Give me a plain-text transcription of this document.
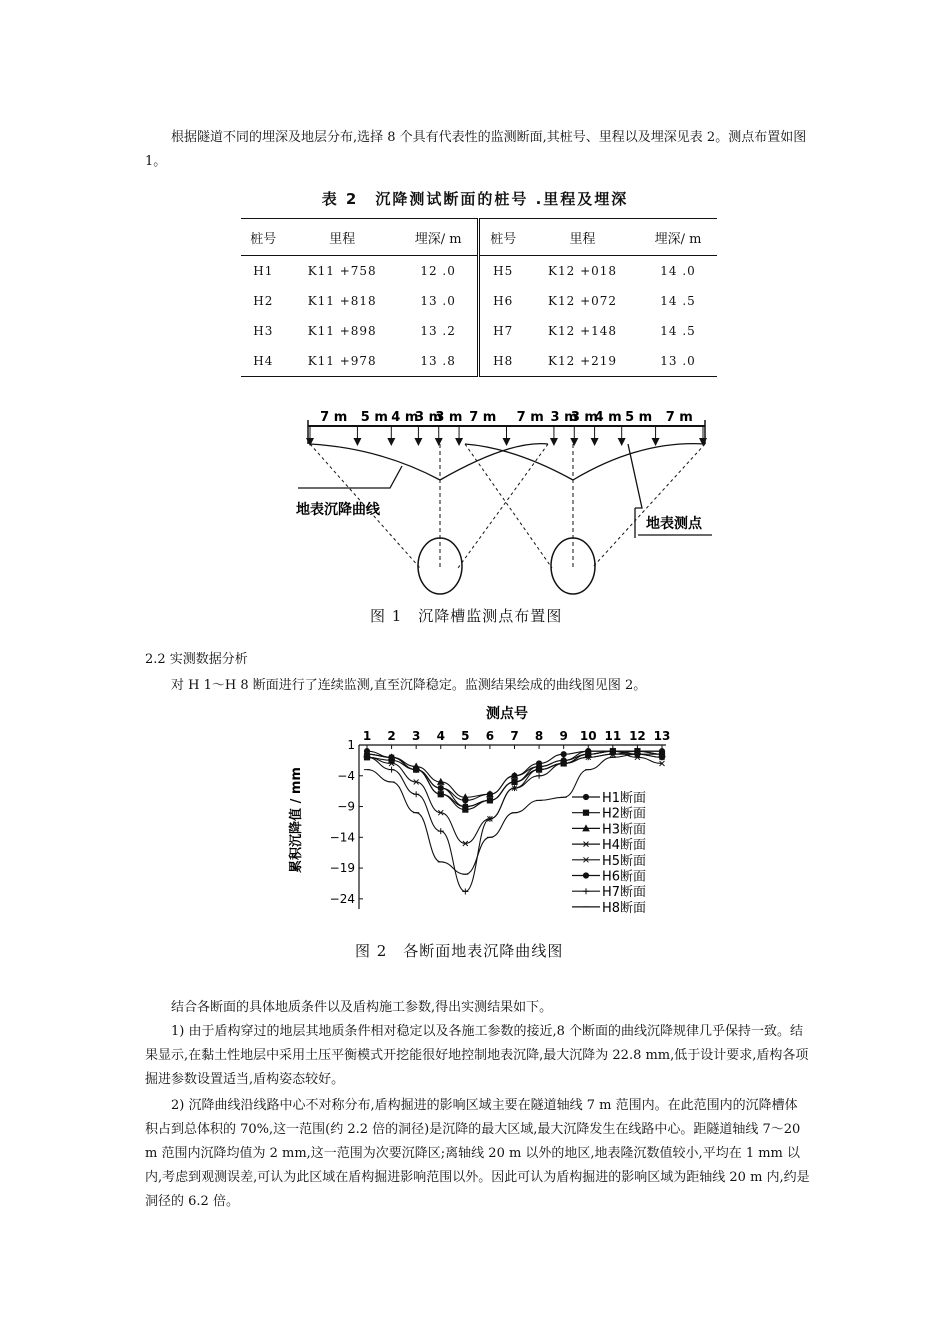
根据隧道不同的埋深及地层分布,选择 8 个具有代表性的监测断面,其桩号、里程以及埋深见表 2。测点布置如图 1。

表 2　沉降测试断面的桩号 .里程及埋深

桩号	里程	埋深/ m	桩号	里程	埋深/ m
H1	K11 +758	12 .0	H5	K12 +018	14 .0
H2	K11 +818	13 .0	H6	K12 +072	14 .5
H3	K11 +898	13 .2	H7	K12 +148	14 .5
H4	K11 +978	13 .8	H8	K12 +219	13 .0
7 m 5 m 4 m
3 m
3 m 7 m 7 m 3 m
3 m
4 m 5 m 7 m
地表沉降曲线
地表测点

图 1　沉降槽监测点布置图

2.2 实测数据分析

对 H 1～H 8 断面进行了连续监测,直至沉降稳定。监测结果绘成的曲线图见图 2。

测点号
累积沉降值 / mm
1 2 3 4 5 6 7 8 9 10 11 12 13
1
−4
−9
−14
−19
−24
H1断面
H2断面
H3断面
H4断面
H5断面
H6断面
H7断面
H8断面

图 2　各断面地表沉降曲线图

结合各断面的具体地质条件以及盾构施工参数,得出实测结果如下。

1) 由于盾构穿过的地层其地质条件相对稳定以及各施工参数的接近,8 个断面的曲线沉降规律几乎保持一致。结果显示,在黏土性地层中采用土压平衡模式开挖能很好地控制地表沉降,最大沉降为 22.8 mm,低于设计要求,盾构各项掘进参数设置适当,盾构姿态较好。

2) 沉降曲线沿线路中心不对称分布,盾构掘进的影响区域主要在隧道轴线 7 m 范围内。在此范围内的沉降槽体积占到总体积的 70%,这一范围(约 2.2 倍的洞径)是沉降的最大区域,最大沉降发生在线路中心。距隧道轴线 7～20 m 范围内沉降均值为 2 mm,这一范围为次要沉降区;离轴线 20 m 以外的地区,地表隆沉数值较小,平均在 1 mm 以内,考虑到观测误差,可认为此区域在盾构掘进影响范围以外。因此可认为盾构掘进的影响区域为距轴线 20 m 内,约是洞径的 6.2 倍。
